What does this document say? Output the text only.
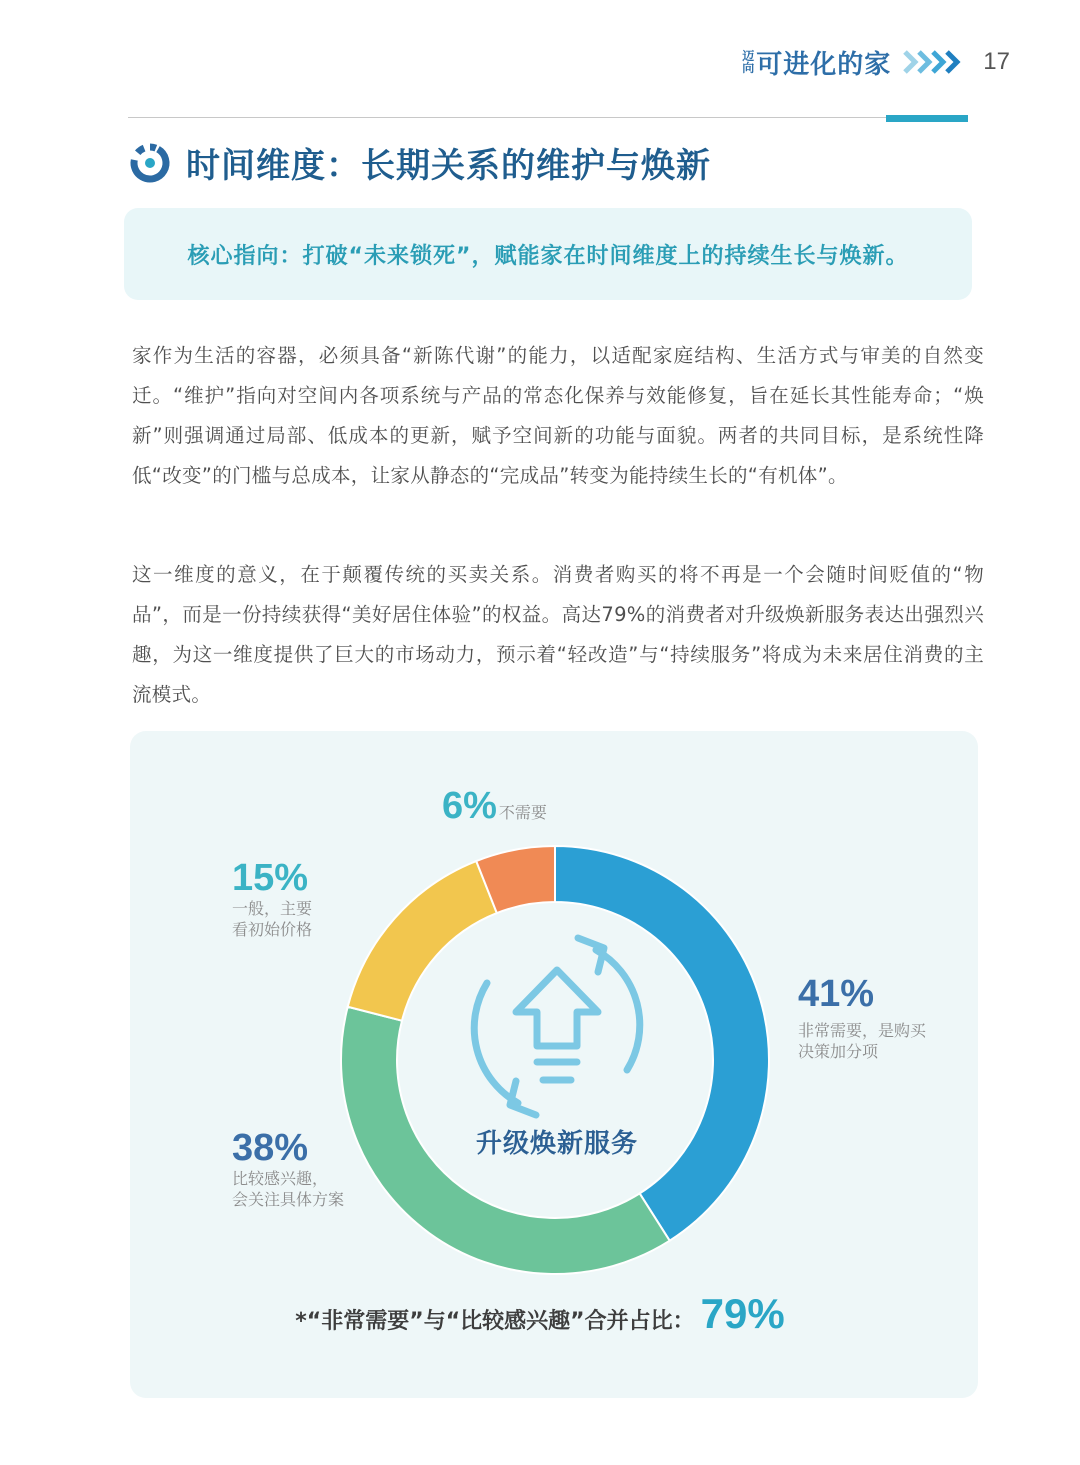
迈
向 可进化的家	17
时间维度：长期关系的维护与焕新

核心指向：打破“未来锁死”，赋能家在时间维度上的持续生长与焕新。

家作为生活的容器，必须具备“新陈代谢”的能力，以适配家庭结构、生活方式与审美的自然变迁。“维护”指向对空间内各项系统与产品的常态化保养与效能修复，旨在延长其性能寿命；“焕新”则强调通过局部、低成本的更新，赋予空间新的功能与面貌。两者的共同目标，是系统性降低“改变”的门槛与总成本，让家从静态的“完成品”转变为能持续生长的“有机体”。

这一维度的意义，在于颠覆传统的买卖关系。消费者购买的将不再是一个会随时间贬值的“物品”，而是一份持续获得“美好居住体验”的权益。高达79%的消费者对升级焕新服务表达出强烈兴趣，为这一维度提供了巨大的市场动力，预示着“轻改造”与“持续服务”将成为未来居住消费的主流模式。

6% 不需要
15%
一般，主要
看初始价格
41%
非常需要，是购买
决策加分项
38%
比较感兴趣，
会关注具体方案
升级焕新服务
*“非常需要”与“比较感兴趣”合并占比： 79%
